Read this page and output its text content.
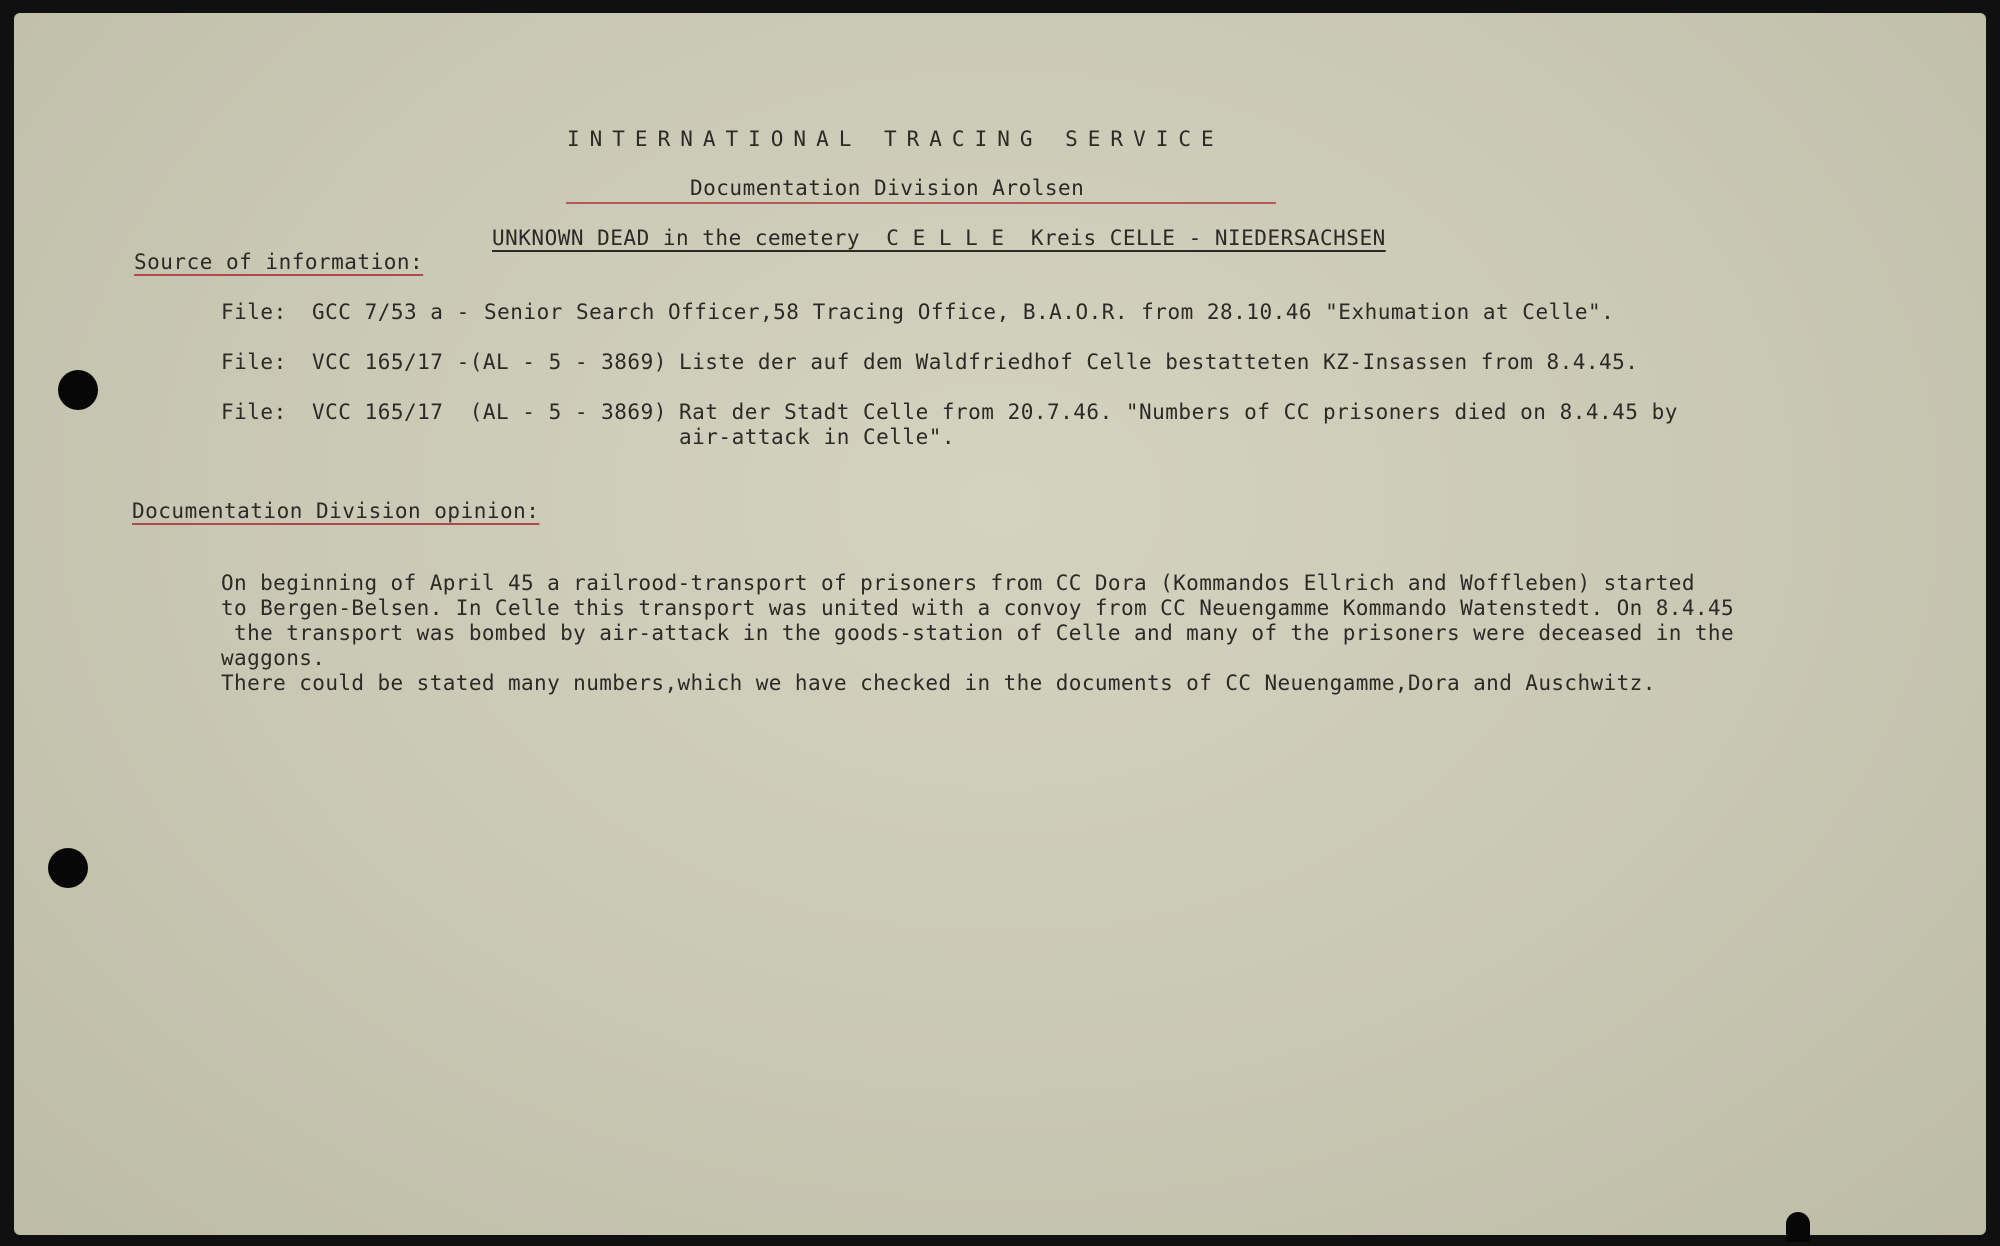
INTERNATIONAL TRACING SERVICE
Documentation Division Arolsen
UNKNOWN DEAD in the cemetery  C E L L E  Kreis CELLE - NIEDERSACHSEN
Source of information:
File: GCC 7/53 a - Senior Search Officer,58 Tracing Office, B.A.O.R. from 28.10.46 "Exhumation at Celle".
File: VCC 165/17 -(AL - 5 - 3869) Liste der auf dem Waldfriedhof Celle bestatteten KZ-Insassen from 8.4.45.
File: VCC 165/17  (AL - 5 - 3869) Rat der Stadt Celle from 20.7.46. "Numbers of CC prisoners died on 8.4.45 by
air-attack in Celle".
Documentation Division opinion:
On beginning of April 45 a railrood-transport of prisoners from CC Dora (Kommandos Ellrich and Woffleben) started
to Bergen-Belsen. In Celle this transport was united with a convoy from CC Neuengamme Kommando Watenstedt. On 8.4.45
the transport was bombed by air-attack in the goods-station of Celle and many of the prisoners were deceased in the
waggons.
There could be stated many numbers,which we have checked in the documents of CC Neuengamme,Dora and Auschwitz.
